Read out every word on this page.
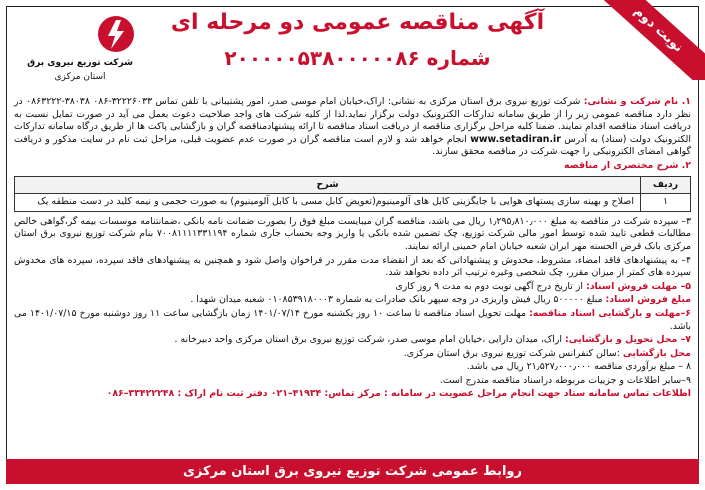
نوبت دوم
آگهی مناقصه عمومی دو مرحله ای
شماره ۲۰۰۰۰۰۵۳۸۰۰۰۰۰۸۶
شرکت توزیع نیروی برق
استان مرکزی

۱. نام شرکت و نشانی: شرکت توزیع نیروی برق استان مرکزی به نشانی: اراک،خیابان امام موسی صدر، امور پشتیبانی با تلفن تماس ۳۲۲۲۶۰۳۳-۰۸۶ ۳۸۰۳۸-۰۸۶۳۲۲۲ در نظر دارد مناقصه عمومی زیر را از طریق سامانه تدارکات الکترونیک دولت برگزار نماید.لذا از کلیه شرکت های واجد صلاحیت دعوت بعمل می آید در صورت تمایل نسبت به دریافت اسناد مناقصه اقدام نمایند. ضمنا کلیه مراحل برگزاری مناقصه از دریافت اسناد مناقصه تا ارائه پیشنهادمناقصه گران و بازگشایی پاکت ها از طریق درگاه سامانه تدارکات الکترونیک دولت (ستاد) به آدرس www.setadiran.ir انجام خواهد شد و لازم است مناقصه گران در صورت عدم عضویت قبلی، مراحل ثبت نام در سایت مذکور و دریافت گواهی امضای الکترونیکی را جهت شرکت در مناقصه محقق سازند.

۲. شرح مختصری از مناقصه

ردیف	شرح
۱	اصلاح و بهینه سازی پستهای هوایی با جایگزینی کابل های آلومینیوم(تعویض کابل مسی با کابل آلومینیوم) به صورت حجمی و نیمه کلید در دست منطقه یک

۳– سپرده شرکت در مناقصه به مبلغ ۱٫۲۹۵٫۸۱۰٫۰۰۰ ریال می باشد، مناقصه گران میبایست مبلغ فوق را بصورت ضمانت نامه بانکی ،ضمانتنامه موسسات بیمه گر،گواهی خالص مطالبات قطعی تایید شده توسط امور مالی شرکت توزیع، چک تضمین شده بانکی یا واریز وجه بحساب جاری شماره ۷۰۰۸۱۱۱۱۳۳۱۱۹۴ بنام شرکت توزیع نیروی برق استان مرکزی بانک قرض الحسنه مهر ایران شعبه خیابان امام خمینی ارائه نمایند.

۴– به پیشنهادهای فاقد امضاء، مشروط، مخدوش و پیشنهاداتی که بعد از انقضاء مدت مقرر در فراخوان واصل شود و همچنین به پیشنهادهای فاقد سپرده، سپرده های مخدوش سپرده های کمتر از میزان مقرر، چک شخصی وغیره ترتیب اثر داده نخواهد شد.

۵– مهلت فروش اسناد: از تاریخ درج آگهی نوبت دوم به مدت ۹ روز کاری

مبلغ فروش اسناد: مبلغ ۵۰۰۰۰۰ ریال فیش واریزی در وجه سپهر بانک صادرات به شماره ۰۱۰۸۵۳۹۱۸۰۰۰۳ شعبه میدان شهدا .

۶–مهلت و بازگشایی اسناد مناقصه: مهلت تحویل اسناد مناقصه تا ساعت ۱۰ روز یکشنبه مورخ ۱۴۰۱/۰۷/۱۴ زمان بازگشایی ساعت ۱۱ روز دوشنبه مورخ ۱۴۰۱/۰۷/۱۵ می باشد.

۷– محل تحویل و بازگشایی: اراک، میدان دارایی ،خیابان امام موسی صدر، شرکت توزیع نیروی برق استان مرکزی واحد دبیرخانه .

محل بازگشایی :سالن کنفرانس شرکت توزیع نیروی برق استان مرکزی.

۸ – مبلغ برآوردی مناقصه ۲۱٫۵۲۷٫۰۰۰٫۰۰۰ ریال می باشد.

۹–سایر اطلاعات و جزییات مربوطه دراسناد مناقصه مندرج است.

اطلاعات تماس سامانه ستاد جهت انجام مراحل عضویت در سامانه : مرکز تماس: ۴۱۹۳۴–۰۲۱ دفتر ثبت نام اراک : ۳۳۴۲۲۲۴۸–۰۸۶

روابط عمومی شرکت توزیع نیروی برق استان مرکزی
